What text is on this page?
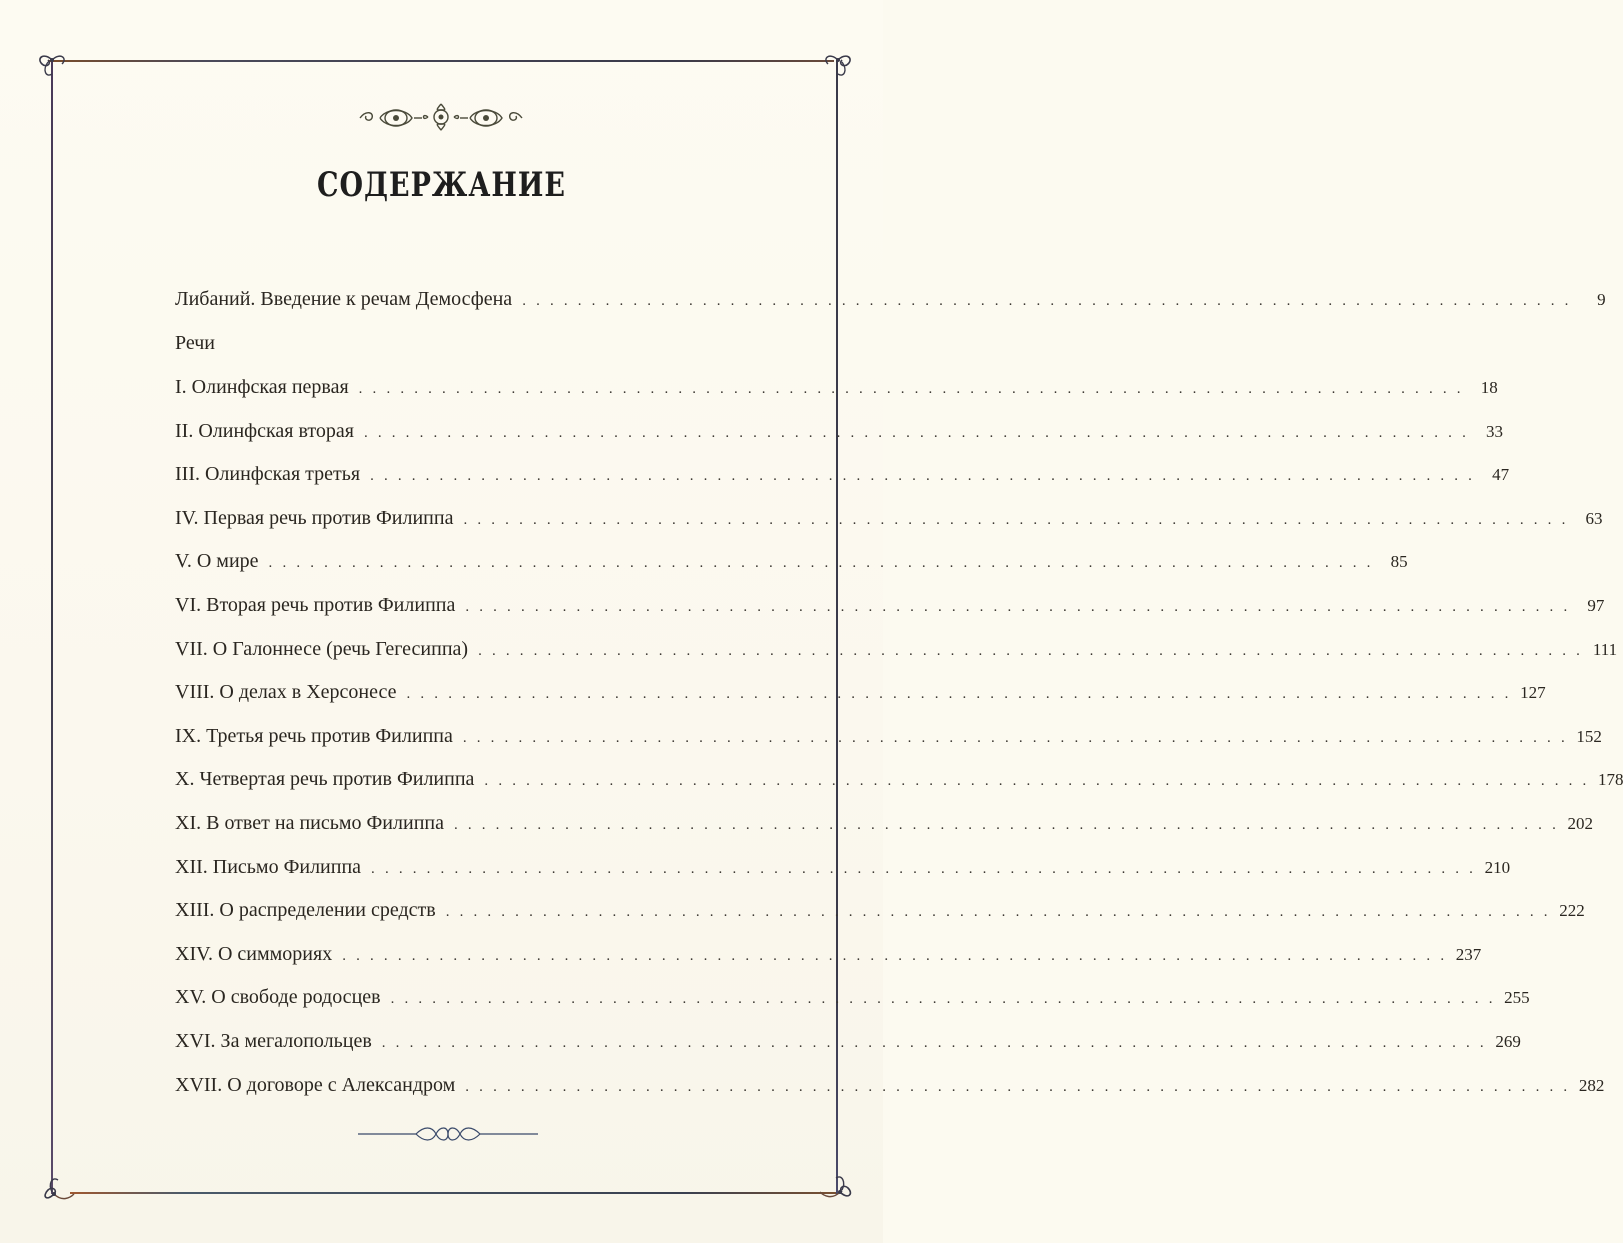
СОДЕРЖАНИЕ
Либаний. Введение к речам Демосфена . . . . . . . . . . . . . . . . . . . . . . . . . . . . . . . . . . . . . . . . . . . . . . . . . . . . . . . . . . . . . . . . . . . . . . . . . . . .	9
Речи
I. Олинфская первая . . . . . . . . . . . . . . . . . . . . . . . . . . . . . . . . . . . . . . . . . . . . . . . . . . . . . . . . . . . . . . . . . . . . . . . . . . . . . . . .	18
II. Олинфская вторая . . . . . . . . . . . . . . . . . . . . . . . . . . . . . . . . . . . . . . . . . . . . . . . . . . . . . . . . . . . . . . . . . . . . . . . . . . . . . . . .	33
III. Олинфская третья . . . . . . . . . . . . . . . . . . . . . . . . . . . . . . . . . . . . . . . . . . . . . . . . . . . . . . . . . . . . . . . . . . . . . . . . . . . . . . . .	47
IV. Первая речь против Филиппа . . . . . . . . . . . . . . . . . . . . . . . . . . . . . . . . . . . . . . . . . . . . . . . . . . . . . . . . . . . . . . . . . . . . . . . . . . . . . . . .	63
V. О мире . . . . . . . . . . . . . . . . . . . . . . . . . . . . . . . . . . . . . . . . . . . . . . . . . . . . . . . . . . . . . . . . . . . . . . . . . . . . . . . .	85
VI. Вторая речь против Филиппа . . . . . . . . . . . . . . . . . . . . . . . . . . . . . . . . . . . . . . . . . . . . . . . . . . . . . . . . . . . . . . . . . . . . . . . . . . . . . . . .	97
VII. О Галоннесе (речь Гегесиппа) . . . . . . . . . . . . . . . . . . . . . . . . . . . . . . . . . . . . . . . . . . . . . . . . . . . . . . . . . . . . . . . . . . . . . . . . . . . . . . . . 111
VIII. О делах в Херсонесе . . . . . . . . . . . . . . . . . . . . . . . . . . . . . . . . . . . . . . . . . . . . . . . . . . . . . . . . . . . . . . . . . . . . . . . . . . . . . . . . 127
IX. Третья речь против Филиппа . . . . . . . . . . . . . . . . . . . . . . . . . . . . . . . . . . . . . . . . . . . . . . . . . . . . . . . . . . . . . . . . . . . . . . . . . . . . . . . . 152
X. Четвертая речь против Филиппа . . . . . . . . . . . . . . . . . . . . . . . . . . . . . . . . . . . . . . . . . . . . . . . . . . . . . . . . . . . . . . . . . . . . . . . . . . . . . . . . 178
XI. В ответ на письмо Филиппа . . . . . . . . . . . . . . . . . . . . . . . . . . . . . . . . . . . . . . . . . . . . . . . . . . . . . . . . . . . . . . . . . . . . . . . . . . . . . . . . 202
XII. Письмо Филиппа . . . . . . . . . . . . . . . . . . . . . . . . . . . . . . . . . . . . . . . . . . . . . . . . . . . . . . . . . . . . . . . . . . . . . . . . . . . . . . . . 210
XIII. О распределении средств . . . . . . . . . . . . . . . . . . . . . . . . . . . . . . . . . . . . . . . . . . . . . . . . . . . . . . . . . . . . . . . . . . . . . . . . . . . . . . . . 222
XIV. О симмориях . . . . . . . . . . . . . . . . . . . . . . . . . . . . . . . . . . . . . . . . . . . . . . . . . . . . . . . . . . . . . . . . . . . . . . . . . . . . . . . . 237
XV. О свободе родосцев . . . . . . . . . . . . . . . . . . . . . . . . . . . . . . . . . . . . . . . . . . . . . . . . . . . . . . . . . . . . . . . . . . . . . . . . . . . . . . . . 255
XVI. За мегалопольцев . . . . . . . . . . . . . . . . . . . . . . . . . . . . . . . . . . . . . . . . . . . . . . . . . . . . . . . . . . . . . . . . . . . . . . . . . . . . . . . . 269
XVII. О договоре с Александром . . . . . . . . . . . . . . . . . . . . . . . . . . . . . . . . . . . . . . . . . . . . . . . . . . . . . . . . . . . . . . . . . . . . . . . . . . . . . . . . 282
